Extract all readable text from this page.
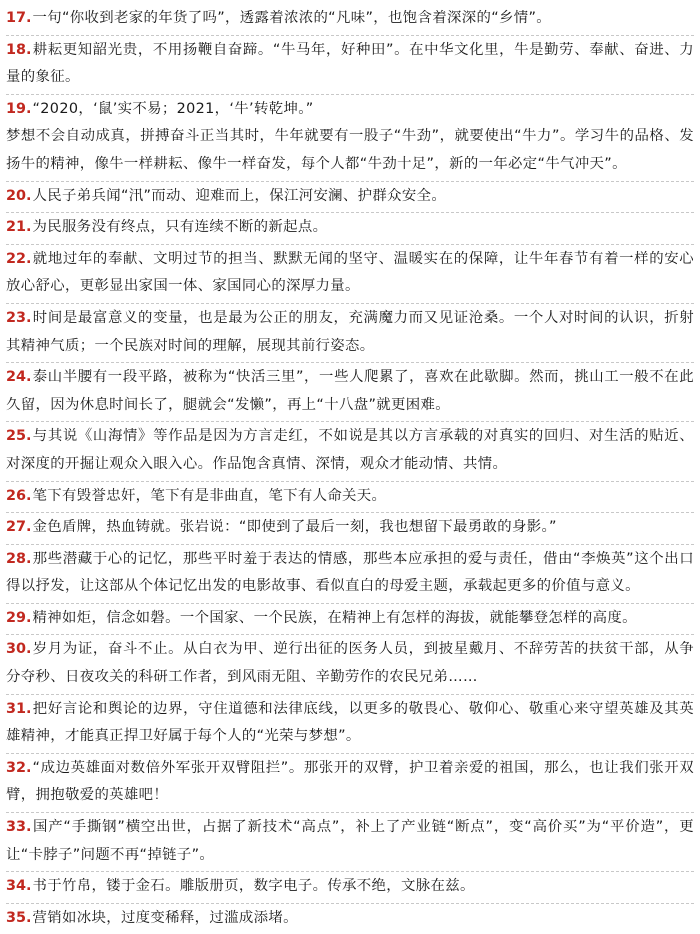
17.一句“你收到老家的年货了吗”，透露着浓浓的“凡味”，也饱含着深深的“乡情”。
18.耕耘更知韶光贵，不用扬鞭自奋蹄。“牛马年，好种田”。在中华文化里，牛是勤劳、奉献、奋进、力量的象征。
19.“2020，‘鼠’实不易；2021，‘牛’转乾坤。”
梦想不会自动成真，拼搏奋斗正当其时，牛年就要有一股子“牛劲”，就要使出“牛力”。学习牛的品格、发扬牛的精神，像牛一样耕耘、像牛一样奋发，每个人都“牛劲十足”，新的一年必定“牛气冲天”。
20.人民子弟兵闻“汛”而动、迎难而上，保江河安澜、护群众安全。
21.为民服务没有终点，只有连续不断的新起点。
22.就地过年的奉献、文明过节的担当、默默无闻的坚守、温暖实在的保障，让牛年春节有着一样的安心放心舒心，更彰显出家国一体、家国同心的深厚力量。
23.时间是最富意义的变量，也是最为公正的朋友，充满魔力而又见证沧桑。一个人对时间的认识，折射其精神气质；一个民族对时间的理解，展现其前行姿态。
24.泰山半腰有一段平路，被称为“快活三里”，一些人爬累了，喜欢在此歇脚。然而，挑山工一般不在此久留，因为休息时间长了，腿就会“发懒”，再上“十八盘”就更困难。
25.与其说《山海情》等作品是因为方言走红，不如说是其以方言承载的对真实的回归、对生活的贴近、对深度的开掘让观众入眼入心。作品饱含真情、深情，观众才能动情、共情。
26.笔下有毁誉忠奸，笔下有是非曲直，笔下有人命关天。
27.金色盾牌，热血铸就。张岩说：“即使到了最后一刻，我也想留下最勇敢的身影。”
28.那些潜藏于心的记忆，那些平时羞于表达的情感，那些本应承担的爱与责任，借由“李焕英”这个出口得以抒发，让这部从个体记忆出发的电影故事、看似直白的母爱主题，承载起更多的价值与意义。
29.精神如炬，信念如磐。一个国家、一个民族，在精神上有怎样的海拔，就能攀登怎样的高度。
30.岁月为证，奋斗不止。从白衣为甲、逆行出征的医务人员，到披星戴月、不辞劳苦的扶贫干部，从争分夺秒、日夜攻关的科研工作者，到风雨无阻、辛勤劳作的农民兄弟……
31.把好言论和舆论的边界，守住道德和法律底线，以更多的敬畏心、敬仰心、敬重心来守望英雄及其英雄精神，才能真正捍卫好属于每个人的“光荣与梦想”。
32.“成边英雄面对数倍外军张开双臂阻拦”。那张开的双臂，护卫着亲爱的祖国，那么，也让我们张开双臂，拥抱敬爱的英雄吧！
33.国产“手撕钢”横空出世，占据了新技术“高点”，补上了产业链“断点”，变“高价买”为“平价造”，更让“卡脖子”问题不再“掉链子”。
34.书于竹帛，镂于金石。雕版册页，数字电子。传承不绝，文脉在兹。
35.营销如冰块，过度变稀释，过滥成添堵。
